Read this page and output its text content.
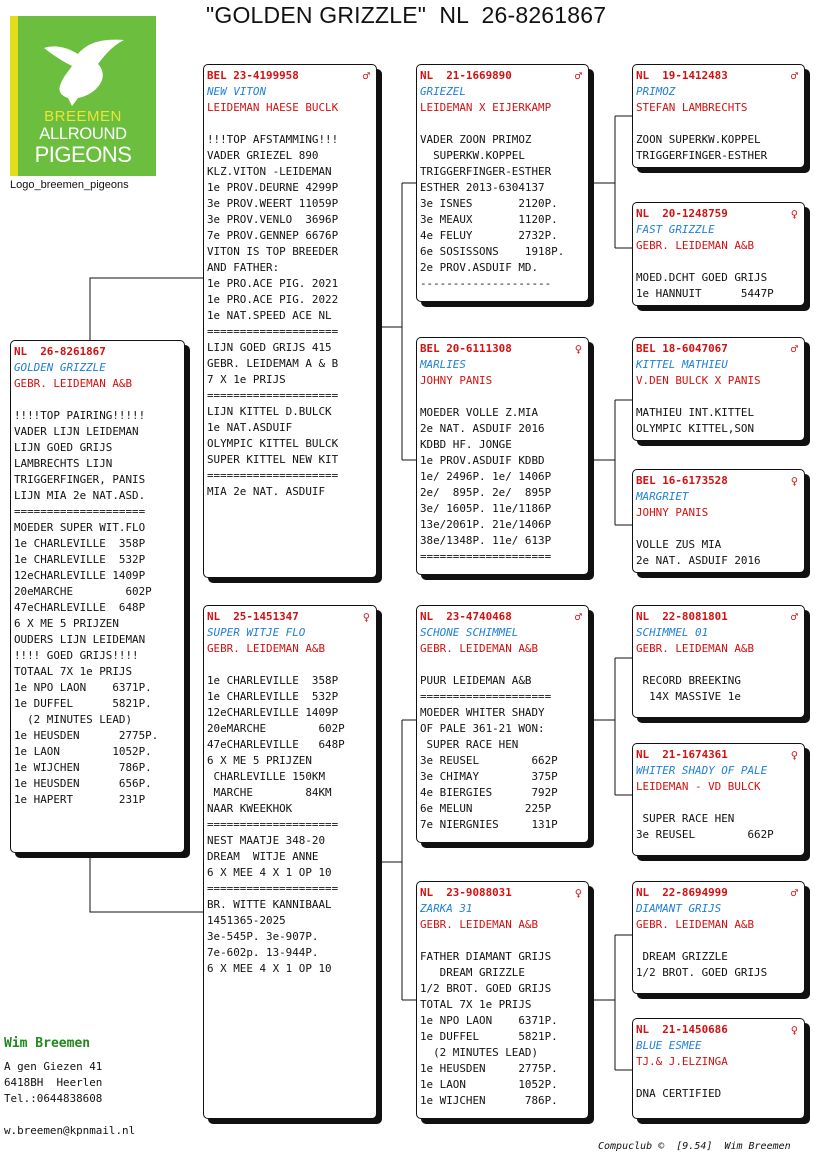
"GOLDEN GRIZZLE"  NL  26-8261867
BREEMEN
ALLROUND
PIGEONS
Logo_breemen_pigeons
NL  26-8261867
GOLDEN GRIZZLE
GEBR. LEIDEMAN A&B
!!!!TOP PAIRING!!!!!
VADER LIJN LEIDEMAN
LIJN GOED GRIJS
LAMBRECHTS LIJN
TRIGGERFINGER, PANIS
LIJN MIA 2e NAT.ASD.
====================
MOEDER SUPER WIT.FLO
1e CHARLEVILLE  358P
1e CHARLEVILLE  532P
12eCHARLEVILLE 1409P
20eMARCHE        602P
47eCHARLEVILLE  648P
6 X ME 5 PRIJZEN
OUDERS LIJN LEIDEMAN
!!!! GOED GRIJS!!!!
TOTAAL 7X 1e PRIJS
1e NPO LAON    6371P.
1e DUFFEL      5821P.
(2 MINUTES LEAD)
1e HEUSDEN      2775P.
1e LAON        1052P.
1e WIJCHEN      786P.
1e HEUSDEN      656P.
1e HAPERT       231P
BEL 23-4199958	♂
NEW VITON
LEIDEMAN HAESE BUCLK
!!!TOP AFSTAMMING!!!
VADER GRIEZEL 890
KLZ.VITON -LEIDEMAN
1e PROV.DEURNE 4299P
3e PROV.WEERT 11059P
3e PROV.VENLO  3696P
7e PROV.GENNEP 6676P
VITON IS TOP BREEDER
AND FATHER:
1e PRO.ACE PIG. 2021
1e PRO.ACE PIG. 2022
1e NAT.SPEED ACE NL
====================
LIJN GOED GRIJS 415
GEBR. LEIDEMAM A & B
7 X 1e PRIJS
====================
LIJN KITTEL D.BULCK
1e NAT.ASDUIF
OLYMPIC KITTEL BULCK
SUPER KITTEL NEW KIT
====================
MIA 2e NAT. ASDUIF
NL  25-1451347	♀
SUPER WITJE FLO
GEBR. LEIDEMAN A&B
1e CHARLEVILLE  358P
1e CHARLEVILLE  532P
12eCHARLEVILLE 1409P
20eMARCHE        602P
47eCHARLEVILLE   648P
6 X ME 5 PRIJZEN
CHARLEVILLE 150KM
MARCHE        84KM
NAAR KWEEKHOK
====================
NEST MAATJE 348-20
DREAM  WITJE ANNE
6 X MEE 4 X 1 OP 10
====================
BR. WITTE KANNIBAAL
1451365-2025
3e-545P. 3e-907P.
7e-602p. 13-944P.
6 X MEE 4 X 1 OP 10
NL  21-1669890	♂
GRIEZEL
LEIDEMAN X EIJERKAMP
VADER ZOON PRIMOZ
SUPERKW.KOPPEL
TRIGGERFINGER-ESTHER
ESTHER 2013-6304137
3e ISNES       2120P.
3e MEAUX       1120P.
4e FELUY       2732P.
6e SOSISSONS    1918P.
2e PROV.ASDUIF MD.
--------------------
BEL 20-6111308	♀
MARLIES
JOHNY PANIS
MOEDER VOLLE Z.MIA
2e NAT. ASDUIF 2016
KDBD HF. JONGE
1e PROV.ASDUIF KDBD
1e/ 2496P. 1e/ 1406P
2e/  895P. 2e/  895P
3e/ 1605P. 11e/1186P
13e/2061P. 21e/1406P
38e/1348P. 11e/ 613P
====================
NL  23-4740468	♂
SCHONE SCHIMMEL
GEBR. LEIDEMAN A&B
PUUR LEIDEMAN A&B
====================
MOEDER WHITER SHADY
OF PALE 361-21 WON:
SUPER RACE HEN
3e REUSEL        662P
3e CHIMAY        375P
4e BIERGIES      792P
6e MELUN        225P
7e NIERGNIES     131P
NL  23-9088031	♀
ZARKA 31
GEBR. LEIDEMAN A&B
FATHER DIAMANT GRIJS
DREAM GRIZZLE
1/2 BROT. GOED GRIJS
TOTAL 7X 1e PRIJS
1e NPO LAON    6371P.
1e DUFFEL      5821P.
(2 MINUTES LEAD)
1e HEUSDEN     2775P.
1e LAON        1052P.
1e WIJCHEN      786P.
NL  19-1412483	♂
PRIMOZ
STEFAN LAMBRECHTS
ZOON SUPERKW.KOPPEL
TRIGGERFINGER-ESTHER
NL  20-1248759	♀
FAST GRIZZLE
GEBR. LEIDEMAN A&B
MOED.DCHT GOED GRIJS
1e HANNUIT      5447P
BEL 18-6047067	♂
KITTEL MATHIEU
V.DEN BULCK X PANIS
MATHIEU INT.KITTEL
OLYMPIC KITTEL,SON
BEL 16-6173528	♀
MARGRIET
JOHNY PANIS
VOLLE ZUS MIA
2e NAT. ASDUIF 2016
NL  22-8081801	♂
SCHIMMEL 01
GEBR. LEIDEMAN A&B
RECORD BREEKING
14X MASSIVE 1e
NL  21-1674361	♀
WHITER SHADY OF PALE
LEIDEMAN - VD BULCK
SUPER RACE HEN
3e REUSEL        662P
NL  22-8694999	♂
DIAMANT GRIJS
GEBR. LEIDEMAN A&B
DREAM GRIZZLE
1/2 BROT. GOED GRIJS
NL  21-1450686	♀
BLUE ESMEE
TJ.& J.ELZINGA
DNA CERTIFIED
Wim Breemen
A gen Giezen 41
6418BH  Heerlen
Tel.:0644838608
w.breemen@kpnmail.nl
Compuclub ©  [9.54]  Wim Breemen
